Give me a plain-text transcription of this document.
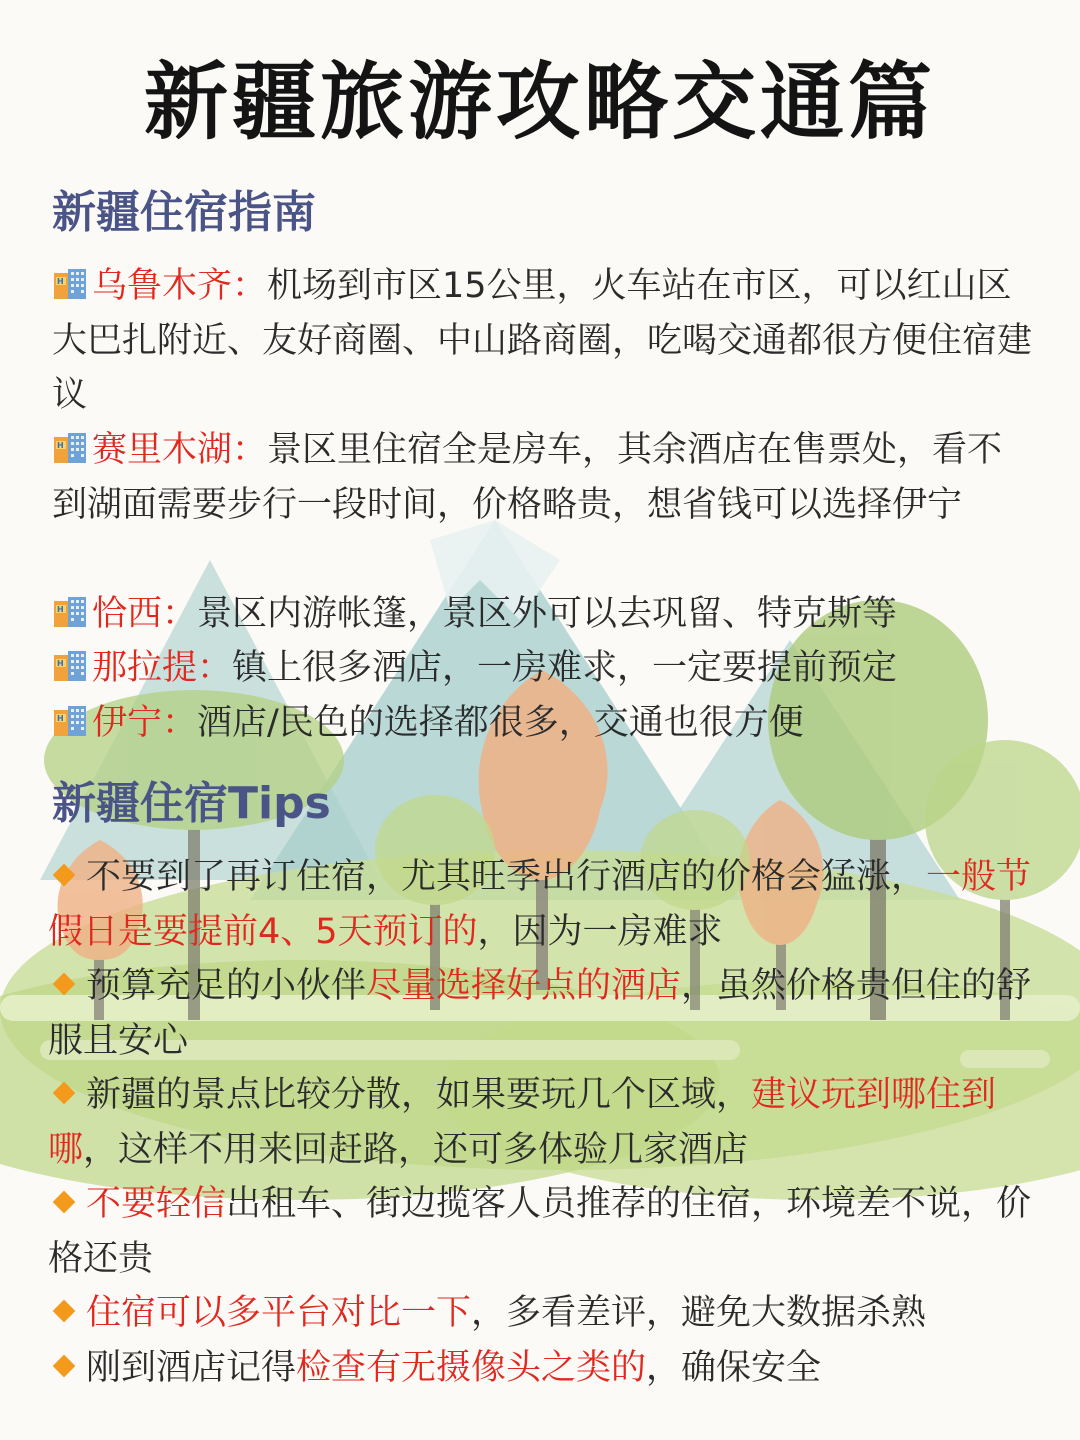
新疆旅游攻略交通篇
新疆住宿指南
H 乌鲁木齐：机场到市区15公里，火车站在市区，可以红山区大巴扎附近、友好商圈、中山路商圈，吃喝交通都很方便住宿建议
H 赛里木湖：景区里住宿全是房车，其余酒店在售票处，看不到湖面需要步行一段时间，价格略贵，想省钱可以选择伊宁
H 恰西：景区内游帐篷，景区外可以去巩留、特克斯等
H 那拉提：镇上很多酒店，一房难求，一定要提前预定
H 伊宁：酒店/民色的选择都很多，交通也很方便
新疆住宿Tips
不要到了再订住宿，尤其旺季出行酒店的价格会猛涨，一般节假日是要提前4、5天预订的，因为一房难求
预算充足的小伙伴尽量选择好点的酒店，虽然价格贵但住的舒服且安心
新疆的景点比较分散，如果要玩几个区域，建议玩到哪住到哪，这样不用来回赶路，还可多体验几家酒店
不要轻信出租车、街边揽客人员推荐的住宿，环境差不说，价格还贵
住宿可以多平台对比一下，多看差评，避免大数据杀熟
刚到酒店记得检查有无摄像头之类的，确保安全
